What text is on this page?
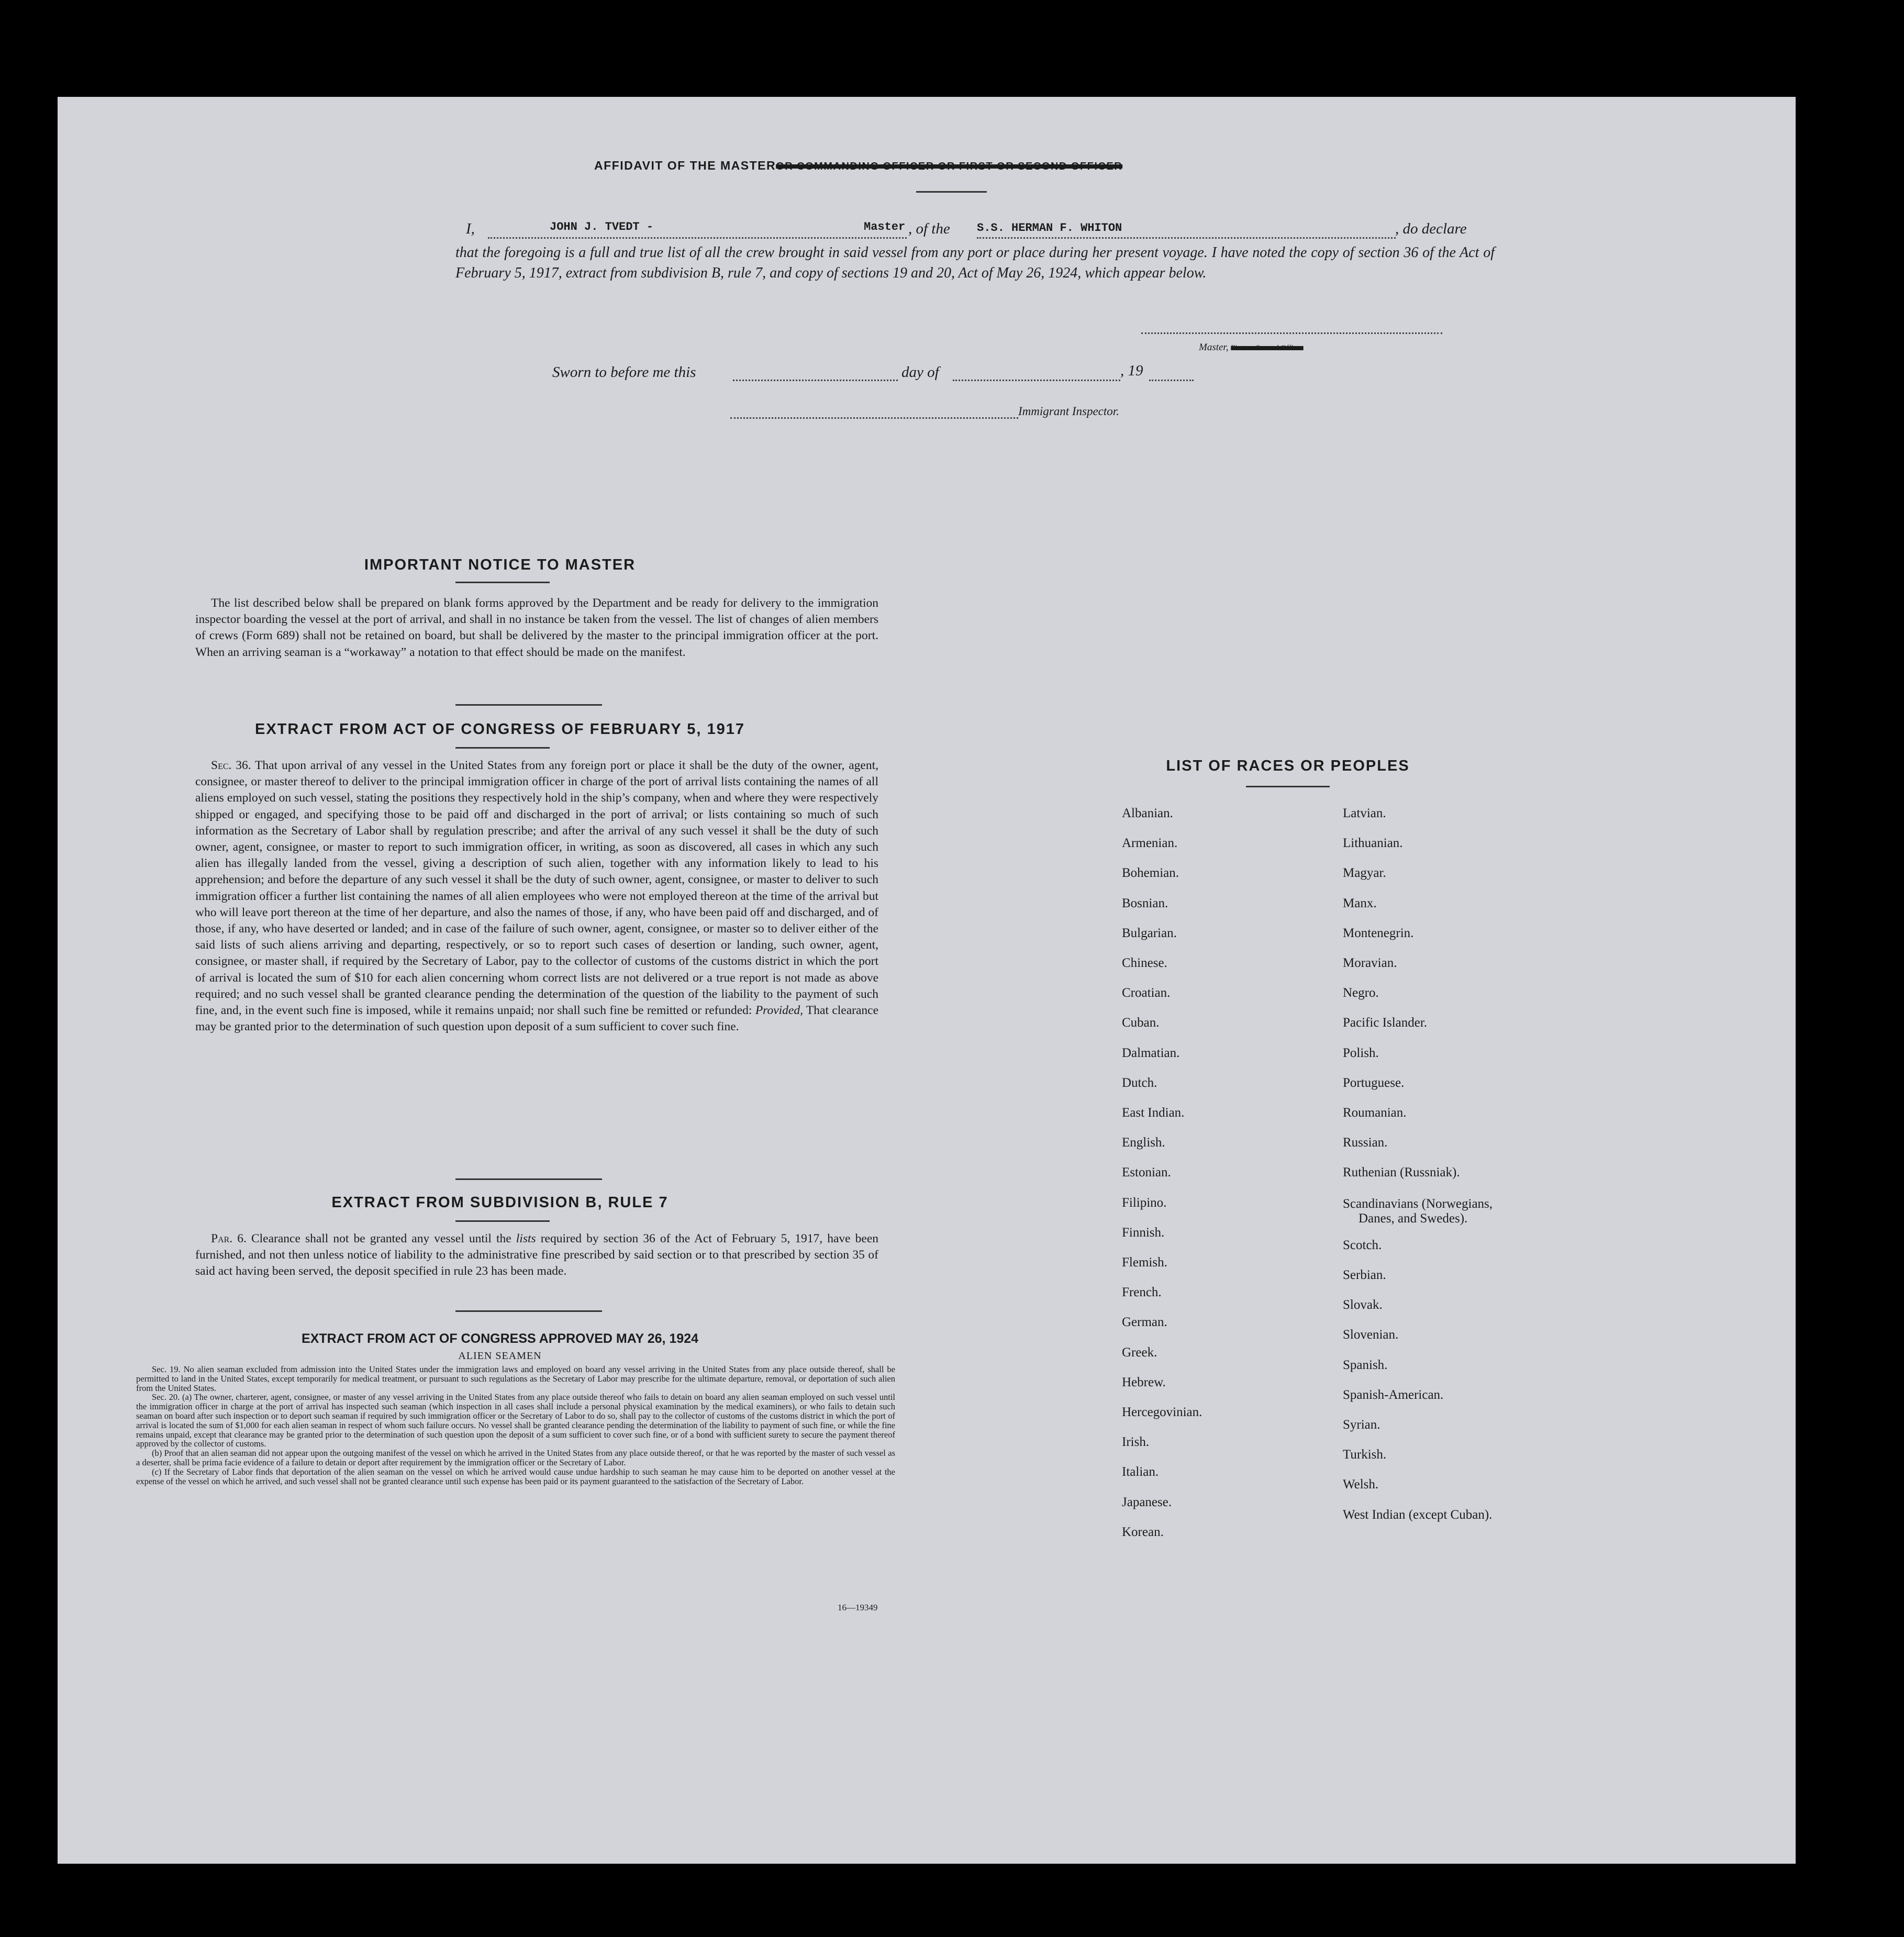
AFFIDAVIT OF THE MASTEROR COMMANDING OFFICER OR FIRST OR SECOND OFFICER
I,	JOHN J. TVEDT -	Master , of the S.S. HERMAN F. WHITON	, do declare
that the foregoing is a full and true list of all the crew brought in said vessel from any port or place during her present voyage. I have noted the copy of section 36 of the Act of February 5, 1917, extract from subdivision B, rule 7, and copy of sections 19 and 20, Act of May 26, 1924, which appear below.
Master, First or Second Officer
Sworn to before me this	day of	, 19
Immigrant Inspector.
IMPORTANT NOTICE TO MASTER
The list described below shall be prepared on blank forms approved by the Department and be ready for delivery to the immigration inspector boarding the vessel at the port of arrival, and shall in no instance be taken from the vessel. The list of changes of alien members of crews (Form 689) shall not be retained on board, but shall be delivered by the master to the principal immigration officer at the port. When an arriving seaman is a “workaway” a notation to that effect should be made on the manifest.
EXTRACT FROM ACT OF CONGRESS OF FEBRUARY 5, 1917
Sec. 36. That upon arrival of any vessel in the United States from any foreign port or place it shall be the duty of the owner, agent, consignee, or master thereof to deliver to the principal immigration officer in charge of the port of arrival lists containing the names of all aliens employed on such vessel, stating the positions they respectively hold in the ship’s company, when and where they were respectively shipped or engaged, and specifying those to be paid off and discharged in the port of arrival; or lists containing so much of such information as the Secretary of Labor shall by regulation prescribe; and after the arrival of any such vessel it shall be the duty of such owner, agent, consignee, or master to report to such immigration officer, in writing, as soon as discovered, all cases in which any such alien has illegally landed from the vessel, giving a description of such alien, together with any information likely to lead to his apprehension; and before the departure of any such vessel it shall be the duty of such owner, agent, consignee, or master to deliver to such immigration officer a further list containing the names of all alien employees who were not employed thereon at the time of the arrival but who will leave port thereon at the time of her departure, and also the names of those, if any, who have been paid off and discharged, and of those, if any, who have deserted or landed; and in case of the failure of such owner, agent, consignee, or master so to deliver either of the said lists of such aliens arriving and departing, respectively, or so to report such cases of desertion or landing, such owner, agent, consignee, or master shall, if required by the Secretary of Labor, pay to the collector of customs of the customs district in which the port of arrival is located the sum of $10 for each alien concerning whom correct lists are not delivered or a true report is not made as above required; and no such vessel shall be granted clearance pending the determination of the question of the liability to the payment of such fine, and, in the event such fine is imposed, while it remains unpaid; nor shall such fine be remitted or refunded: Provided, That clearance may be granted prior to the determination of such question upon deposit of a sum sufficient to cover such fine.
EXTRACT FROM SUBDIVISION B, RULE 7
Par. 6. Clearance shall not be granted any vessel until the lists required by section 36 of the Act of February 5, 1917, have been furnished, and not then unless notice of liability to the administrative fine prescribed by said section or to that prescribed by section 35 of said act having been served, the deposit specified in rule 23 has been made.
EXTRACT FROM ACT OF CONGRESS APPROVED MAY 26, 1924
ALIEN SEAMEN
Sec. 19. No alien seaman excluded from admission into the United States under the immigration laws and employed on board any vessel arriving in the United States from any place outside thereof, shall be permitted to land in the United States, except temporarily for medical treatment, or pursuant to such regulations as the Secretary of Labor may prescribe for the ultimate departure, removal, or deportation of such alien from the United States.
Sec. 20. (a) The owner, charterer, agent, consignee, or master of any vessel arriving in the United States from any place outside thereof who fails to detain on board any alien seaman employed on such vessel until the immigration officer in charge at the port of arrival has inspected such seaman (which inspection in all cases shall include a personal physical examination by the medical examiners), or who fails to detain such seaman on board after such inspection or to deport such seaman if required by such immigration officer or the Secretary of Labor to do so, shall pay to the collector of customs of the customs district in which the port of arrival is located the sum of $1,000 for each alien seaman in respect of whom such failure occurs. No vessel shall be granted clearance pending the determination of the liability to payment of such fine, or while the fine remains unpaid, except that clearance may be granted prior to the determination of such question upon the deposit of a sum sufficient to cover such fine, or of a bond with sufficient surety to secure the payment thereof approved by the collector of customs.
(b) Proof that an alien seaman did not appear upon the outgoing manifest of the vessel on which he arrived in the United States from any place outside thereof, or that he was reported by the master of such vessel as a deserter, shall be prima facie evidence of a failure to detain or deport after requirement by the immigration officer or the Secretary of Labor.
(c) If the Secretary of Labor finds that deportation of the alien seaman on the vessel on which he arrived would cause undue hardship to such seaman he may cause him to be deported on another vessel at the expense of the vessel on which he arrived, and such vessel shall not be granted clearance until such expense has been paid or its payment guaranteed to the satisfaction of the Secretary of Labor.
16—19349
LIST OF RACES OR PEOPLES
Albanian.
Armenian.
Bohemian.
Bosnian.
Bulgarian.
Chinese.
Croatian.
Cuban.
Dalmatian.
Dutch.
East Indian.
English.
Estonian.
Filipino.
Finnish.
Flemish.
French.
German.
Greek.
Hebrew.
Hercegovinian.
Irish.
Italian.
Japanese.
Korean.
Latvian.
Lithuanian.
Magyar.
Manx.
Montenegrin.
Moravian.
Negro.
Pacific Islander.
Polish.
Portuguese.
Roumanian.
Russian.
Ruthenian (Russniak).
Scandinavians (Norwegians,
Danes, and Swedes).
Scotch.
Serbian.
Slovak.
Slovenian.
Spanish.
Spanish-American.
Syrian.
Turkish.
Welsh.
West Indian (except Cuban).
